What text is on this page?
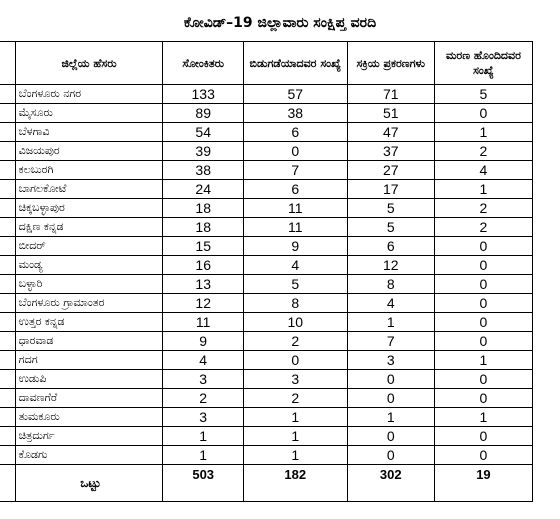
ಕೋವಿಡ್–19 ಜಿಲ್ಲಾವಾರು ಸಂಕ್ಷಿಪ್ತ ವರದಿ
	ಜಿಲ್ಲೆಯ ಹೆಸರು	ಸೋಂಕಿತರು	ಬಿಡುಗಡೆಯಾದವರ ಸಂಖ್ಯೆ	ಸಕ್ರಿಯ ಪ್ರಕರಣಗಳು	ಮರಣ ಹೊಂದಿದವರ ಸಂಖ್ಯೆ
	ಬೆಂಗಳೂರು ನಗರ	133	57	71	5
	ಮೈಸೂರು	89	38	51	0
	ಬೆಳಗಾವಿ	54	6	47	1
	ವಿಜಯಪುರ	39	0	37	2
	ಕಲಬುರಗಿ	38	7	27	4
	ಬಾಗಲಕೋಟೆ	24	6	17	1
	ಚಿಕ್ಕಬಳ್ಳಾಪುರ	18	11	5	2
	ದಕ್ಷಿಣ ಕನ್ನಡ	18	11	5	2
	ಬೀದರ್	15	9	6	0
	ಮಂಡ್ಯ	16	4	12	0
	ಬಳ್ಳಾರಿ	13	5	8	0
	ಬೆಂಗಳೂರು ಗ್ರಾಮಾಂತರ	12	8	4	0
	ಉತ್ತರ ಕನ್ನಡ	11	10	1	0
	ಧಾರವಾಡ	9	2	7	0
	ಗದಗ	4	0	3	1
	ಉಡುಪಿ	3	3	0	0
	ದಾವಣಗೆರೆ	2	2	0	0
	ತುಮಕೂರು	3	1	1	1
	ಚಿತ್ರದುರ್ಗ	1	1	0	0
	ಕೊಡಗು	1	1	0	0
	ಒಟ್ಟು	503	182	302	19
